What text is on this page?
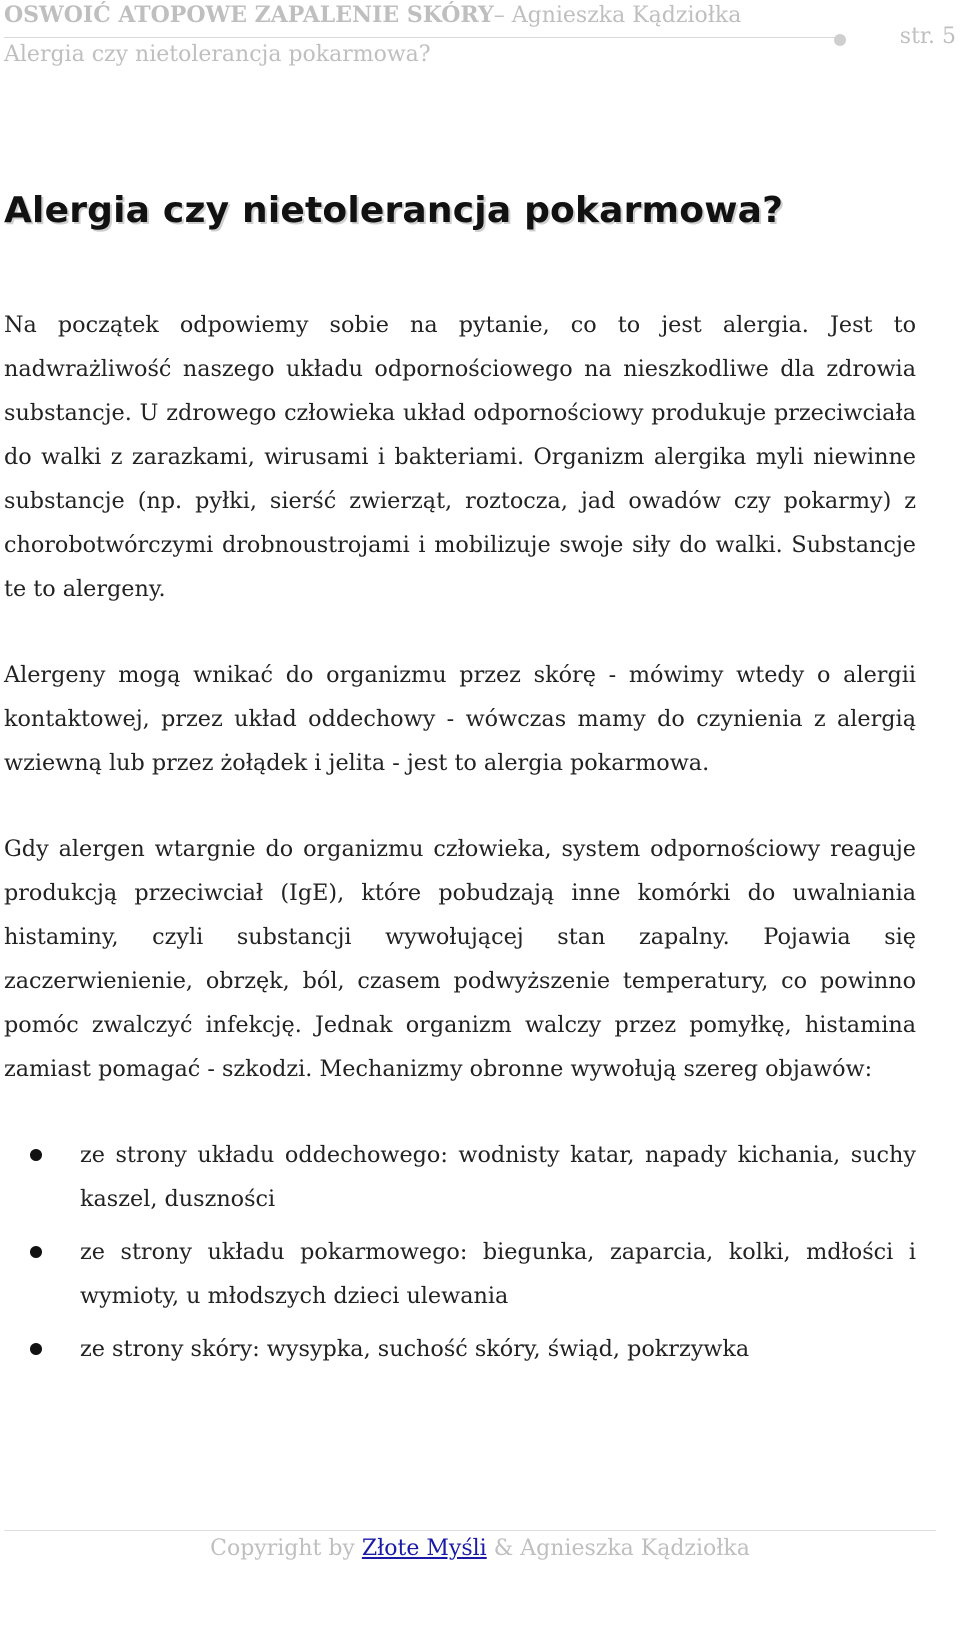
OSWOIĆ ATOPOWE ZAPALENIE SKÓRY– Agnieszka Kądziołka
Alergia czy nietolerancja pokarmowa?
str. 5
Alergia czy nietolerancja pokarmowa?

Na początek odpowiemy sobie na pytanie, co to jest alergia. Jest to nadwrażliwość naszego układu odpornościowego na nieszkodliwe dla zdrowia substancje. U zdrowego człowieka układ odpornościowy produkuje przeciwciała do walki z zarazkami, wirusami i bakteriami. Organizm alergika myli niewinne substancje (np. pyłki, sierść zwierząt, roztocza, jad owadów czy pokarmy) z chorobotwórczymi drobnoustrojami i mobilizuje swoje siły do walki. Substancje te to alergeny.

Alergeny mogą wnikać do organizmu przez skórę - mówimy wtedy o alergii kontaktowej, przez układ oddechowy - wówczas mamy do czynienia z alergią wziewną lub przez żołądek i jelita - jest to alergia pokarmowa.

Gdy alergen wtargnie do organizmu człowieka, system odpornościowy reaguje produkcją przeciwciał (IgE), które pobudzają inne komórki do uwalniania histaminy, czyli substancji wywołującej stan zapalny. Pojawia się zaczerwienienie, obrzęk, ból, czasem podwyższenie temperatury, co powinno pomóc zwalczyć infekcję. Jednak organizm walczy przez pomyłkę, histamina zamiast pomagać - szkodzi. Mechanizmy obronne wywołują szereg objawów:

ze strony układu oddechowego: wodnisty katar, napady kichania, suchy kaszel, duszności
ze strony układu pokarmowego: biegunka, zaparcia, kolki, mdłości i wymioty, u młodszych dzieci ulewania
ze strony skóry: wysypka, suchość skóry, świąd, pokrzywka
Copyright by Złote Myśli & Agnieszka Kądziołka
